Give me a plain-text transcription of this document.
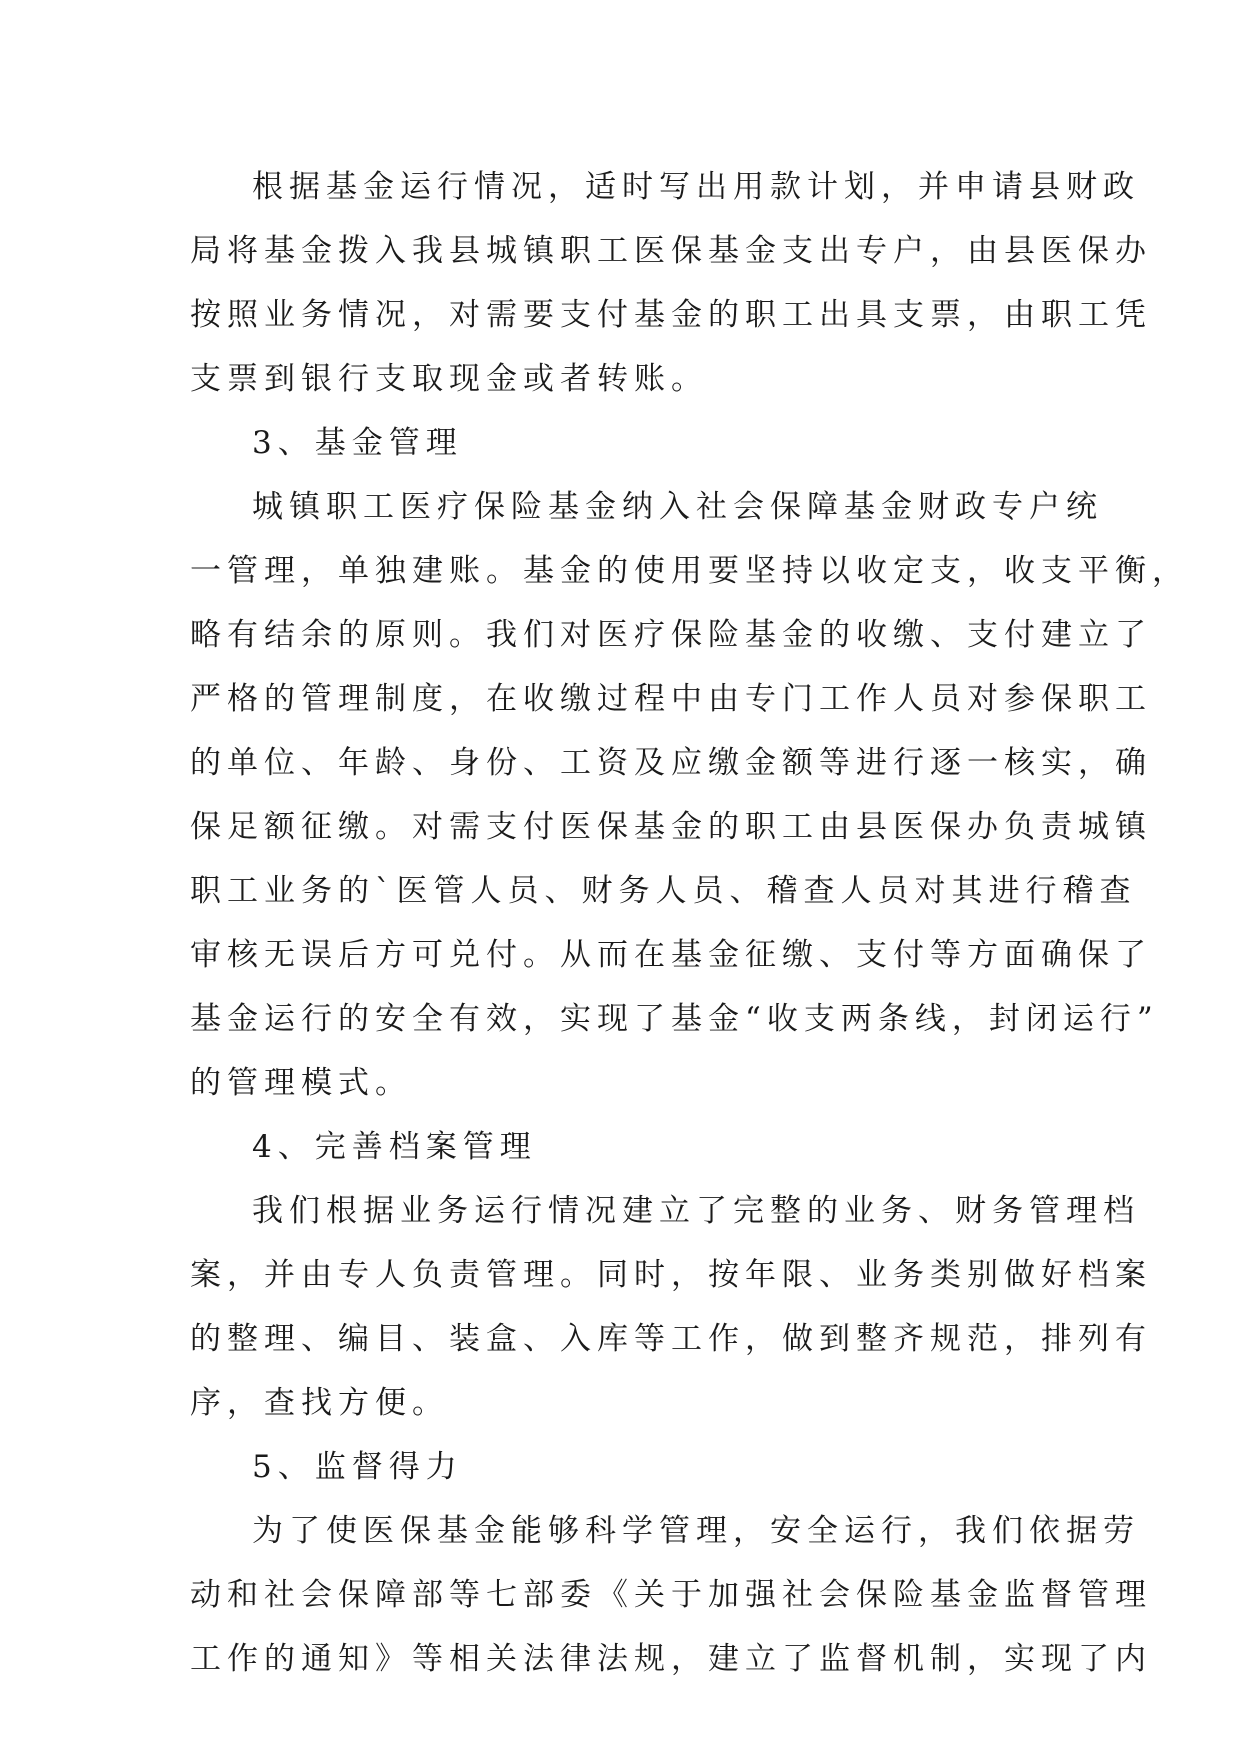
根据基金运行情况，适时写出用款计划，并申请县财政
局将基金拨入我县城镇职工医保基金支出专户，由县医保办
按照业务情况，对需要支付基金的职工出具支票，由职工凭
支票到银行支取现金或者转账。
3、基金管理
城镇职工医疗保险基金纳入社会保障基金财政专户统
一管理，单独建账。基金的使用要坚持以收定支，收支平衡，
略有结余的原则。我们对医疗保险基金的收缴、支付建立了
严格的管理制度，在收缴过程中由专门工作人员对参保职工
的单位、年龄、身份、工资及应缴金额等进行逐一核实，确
保足额征缴。对需支付医保基金的职工由县医保办负责城镇
职工业务的`医管人员、财务人员、稽查人员对其进行稽查
审核无误后方可兑付。从而在基金征缴、支付等方面确保了
基金运行的安全有效，实现了基金“收支两条线，封闭运行”
的管理模式。
4、完善档案管理
我们根据业务运行情况建立了完整的业务、财务管理档
案，并由专人负责管理。同时，按年限、业务类别做好档案
的整理、编目、装盒、入库等工作，做到整齐规范，排列有
序，查找方便。
5、监督得力
为了使医保基金能够科学管理，安全运行，我们依据劳
动和社会保障部等七部委《关于加强社会保险基金监督管理
工作的通知》等相关法律法规，建立了监督机制，实现了内
